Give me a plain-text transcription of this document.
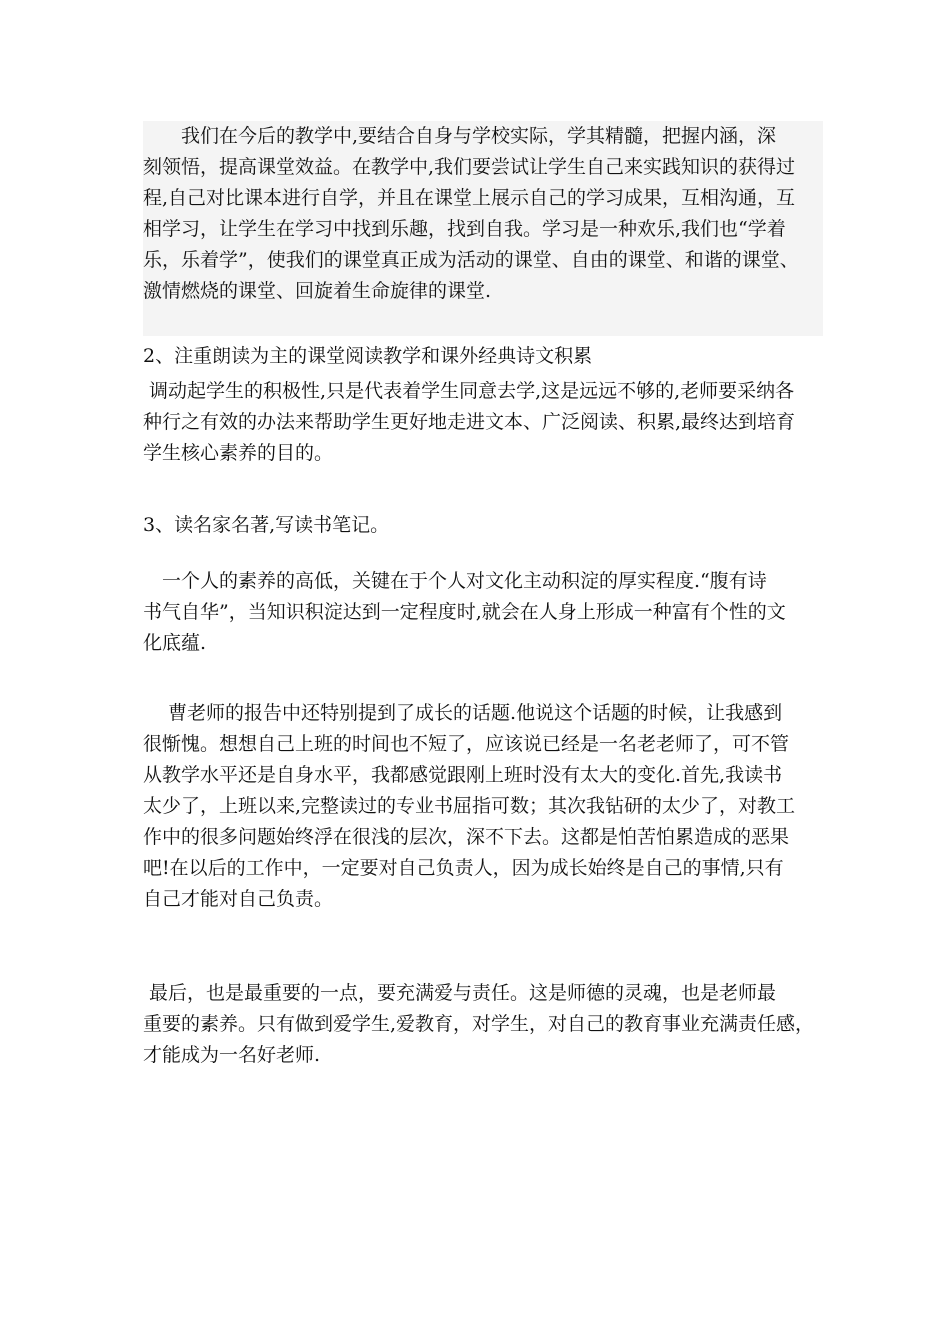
　　我们在今后的教学中,要结合自身与学校实际，学其精髓，把握内涵，深
刻领悟，提高课堂效益。在教学中,我们要尝试让学生自己来实践知识的获得过
程,自己对比课本进行自学，并且在课堂上展示自己的学习成果，互相沟通，互
相学习，让学生在学习中找到乐趣，找到自我。学习是一种欢乐,我们也“学着
乐，乐着学”，使我们的课堂真正成为活动的课堂、自由的课堂、和谐的课堂、
激情燃烧的课堂、回旋着生命旋律的课堂.
2、注重朗读为主的课堂阅读教学和课外经典诗文积累
调动起学生的积极性,只是代表着学生同意去学,这是远远不够的,老师要采纳各
种行之有效的办法来帮助学生更好地走进文本、广泛阅读、积累,最终达到培育
学生核心素养的目的。
3、读名家名著,写读书笔记。
　一个人的素养的高低，关键在于个人对文化主动积淀的厚实程度.“腹有诗
书气自华”，当知识积淀达到一定程度时,就会在人身上形成一种富有个性的文
化底蕴.
　 曹老师的报告中还特别提到了成长的话题.他说这个话题的时候，让我感到
很惭愧。想想自己上班的时间也不短了，应该说已经是一名老老师了，可不管
从教学水平还是自身水平，我都感觉跟刚上班时没有太大的变化.首先,我读书
太少了，上班以来,完整读过的专业书屈指可数；其次我钻研的太少了，对教工
作中的很多问题始终浮在很浅的层次，深不下去。这都是怕苦怕累造成的恶果
吧!在以后的工作中，一定要对自己负责人，因为成长始终是自己的事情,只有
自己才能对自己负责。
最后，也是最重要的一点，要充满爱与责任。这是师德的灵魂，也是老师最
重要的素养。只有做到爱学生,爱教育，对学生，对自己的教育事业充满责任感，
才能成为一名好老师.
